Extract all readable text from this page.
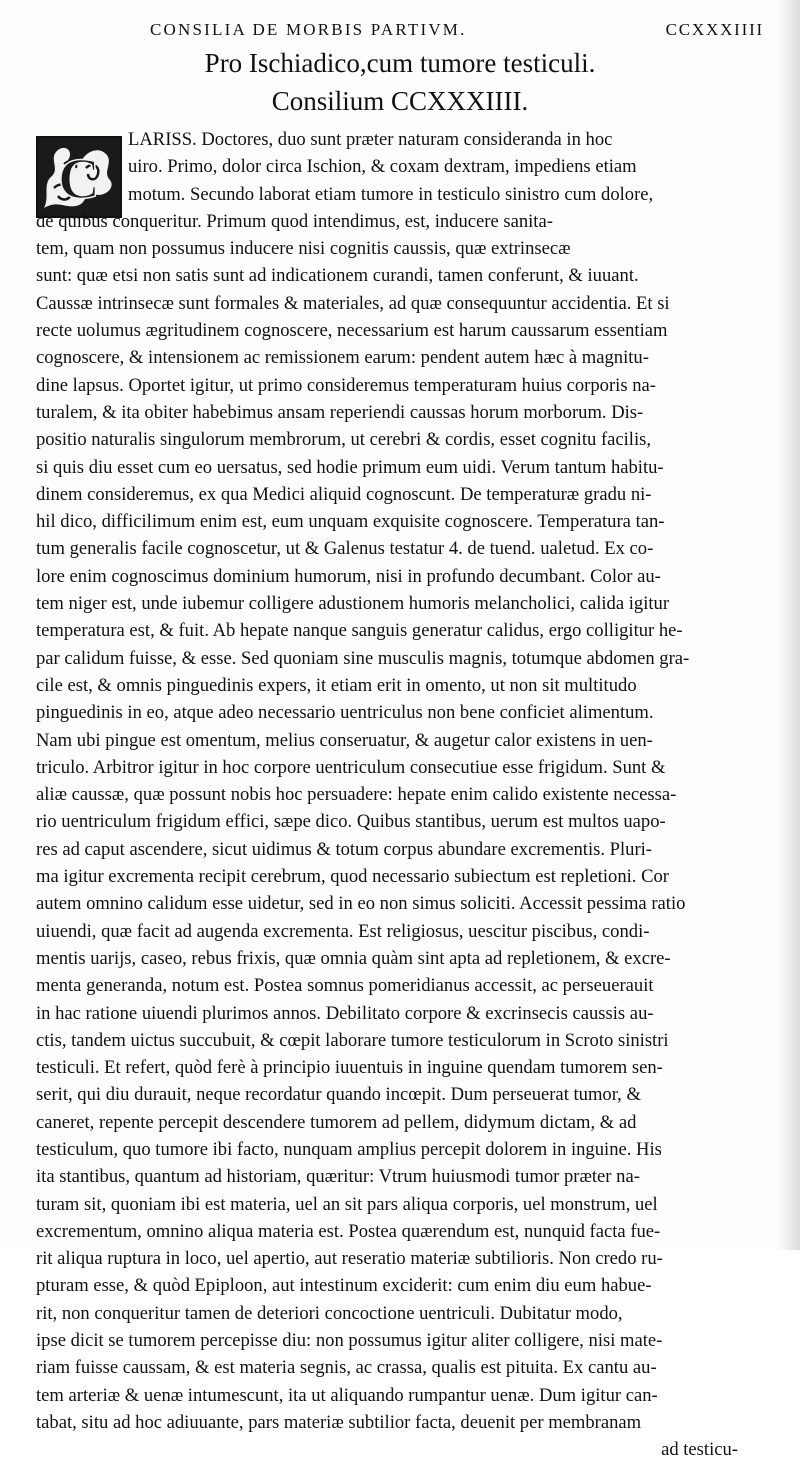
CONSILIA DE MORBIS PARTIVM.	CCXXXIIII
Pro Ischiadico,cum tumore testiculi.
Consilium CCXXXIIII.
C
LARISS. Doctores, duo sunt præter naturam consideranda in hoc
uiro. Primo, dolor circa Ischion, & coxam dextram, impediens etiam
motum. Secundo laborat etiam tumore in testiculo sinistro cum dolore,
de quibus conqueritur. Primum quod intendimus, est, inducere sanita-
tem, quam non possumus inducere nisi cognitis caussis, quæ extrinsecæ
sunt: quæ etsi non satis sunt ad indicationem curandi, tamen conferunt, & iuuant.
Caussæ intrinsecæ sunt formales & materiales, ad quæ consequuntur accidentia. Et si
recte uolumus ægritudinem cognoscere, necessarium est harum caussarum essentiam
cognoscere, & intensionem ac remissionem earum: pendent autem hæc à magnitu-
dine lapsus. Oportet igitur, ut primo consideremus temperaturam huius corporis na-
turalem, & ita obiter habebimus ansam reperiendi caussas horum morborum. Dis-
positio naturalis singulorum membrorum, ut cerebri & cordis, esset cognitu facilis,
si quis diu esset cum eo uersatus, sed hodie primum eum uidi. Verum tantum habitu-
dinem consideremus, ex qua Medici aliquid cognoscunt. De temperaturæ gradu ni-
hil dico, difficilimum enim est, eum unquam exquisite cognoscere. Temperatura tan-
tum generalis facile cognoscetur, ut & Galenus testatur 4. de tuend. ualetud. Ex co-
lore enim cognoscimus dominium humorum, nisi in profundo decumbant. Color au-
tem niger est, unde iubemur colligere adustionem humoris melancholici, calida igitur
temperatura est, & fuit. Ab hepate nanque sanguis generatur calidus, ergo colligitur he-
par calidum fuisse, & esse. Sed quoniam sine musculis magnis, totumque abdomen gra-
cile est, & omnis pinguedinis expers, it etiam erit in omento, ut non sit multitudo
pinguedinis in eo, atque adeo necessario uentriculus non bene conficiet alimentum.
Nam ubi pingue est omentum, melius conseruatur, & augetur calor existens in uen-
triculo. Arbitror igitur in hoc corpore uentriculum consecutiue esse frigidum. Sunt &
aliæ caussæ, quæ possunt nobis hoc persuadere: hepate enim calido existente necessa-
rio uentriculum frigidum effici, sæpe dico. Quibus stantibus, uerum est multos uapo-
res ad caput ascendere, sicut uidimus & totum corpus abundare excrementis. Pluri-
ma igitur excrementa recipit cerebrum, quod necessario subiectum est repletioni. Cor
autem omnino calidum esse uidetur, sed in eo non simus soliciti. Accessit pessima ratio
uiuendi, quæ facit ad augenda excrementa. Est religiosus, uescitur piscibus, condi-
mentis uarijs, caseo, rebus frixis, quæ omnia quàm sint apta ad repletionem, & excre-
menta generanda, notum est. Postea somnus pomeridianus accessit, ac perseuerauit
in hac ratione uiuendi plurimos annos. Debilitato corpore & excrinsecis caussis au-
ctis, tandem uictus succubuit, & cœpit laborare tumore testiculorum in Scroto sinistri
testiculi. Et refert, quòd ferè à principio iuuentuis in inguine quendam tumorem sen-
serit, qui diu durauit, neque recordatur quando incœpit. Dum perseuerat tumor, &
caneret, repente percepit descendere tumorem ad pellem, didymum dictam, & ad
testiculum, quo tumore ibi facto, nunquam amplius percepit dolorem in inguine. His
ita stantibus, quantum ad historiam, quæritur: Vtrum huiusmodi tumor præter na-
turam sit, quoniam ibi est materia, uel an sit pars aliqua corporis, uel monstrum, uel
excrementum, omnino aliqua materia est. Postea quærendum est, nunquid facta fue-
rit aliqua ruptura in loco, uel apertio, aut reseratio materiæ subtilioris. Non credo ru-
pturam esse, & quòd Epiploon, aut intestinum exciderit: cum enim diu eum habue-
rit, non conqueritur tamen de deteriori concoctione uentriculi. Dubitatur modo,
ipse dicit se tumorem percepisse diu: non possumus igitur aliter colligere, nisi mate-
riam fuisse caussam, & est materia segnis, ac crassa, qualis est pituita. Ex cantu au-
tem arteriæ & uenæ intumescunt, ita ut aliquando rumpantur uenæ. Dum igitur can-
tabat, situ ad hoc adiuuante, pars materiæ subtilior facta, deuenit per membranam
ad testicu-
